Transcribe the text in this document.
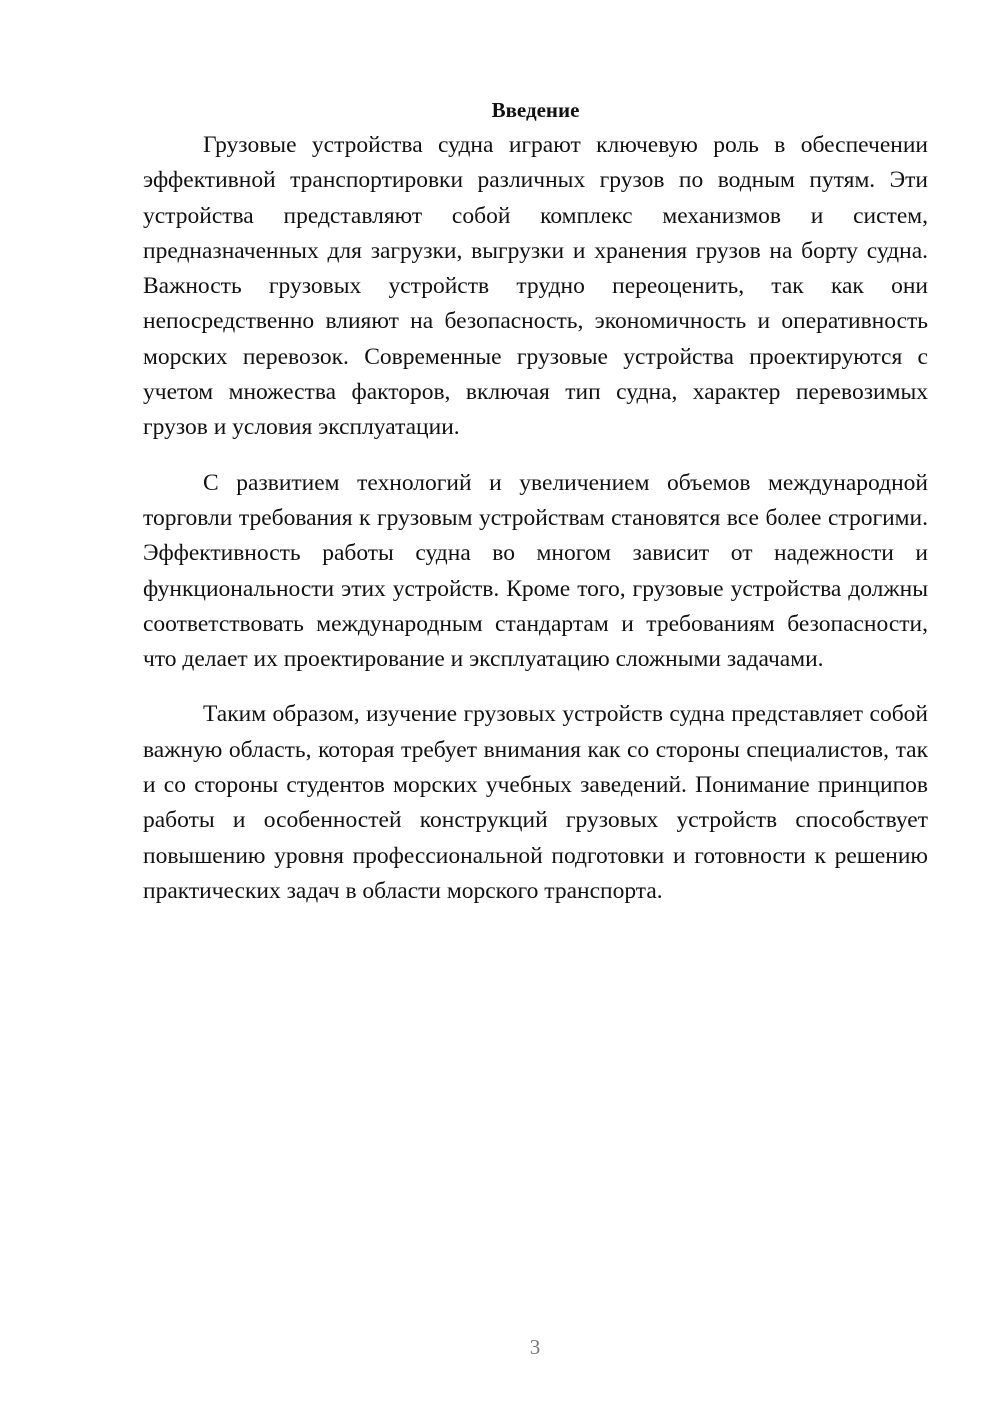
Введение

Грузовые устройства судна играют ключевую роль в обеспечении эффективной транспортировки различных грузов по водным путям. Эти устройства представляют собой комплекс механизмов и систем, предназначенных для загрузки, выгрузки и хранения грузов на борту судна. Важность грузовых устройств трудно переоценить, так как они непосредственно влияют на безопасность, экономичность и оперативность морских перевозок. Современные грузовые устройства проектируются с учетом множества факторов, включая тип судна, характер перевозимых грузов и условия эксплуатации.

С развитием технологий и увеличением объемов международной торговли требования к грузовым устройствам становятся все более строгими. Эффективность работы судна во многом зависит от надежности и функциональности этих устройств. Кроме того, грузовые устройства должны соответствовать международным стандартам и требованиям безопасности, что делает их проектирование и эксплуатацию сложными задачами.

Таким образом, изучение грузовых устройств судна представляет собой важную область, которая требует внимания как со стороны специалистов, так и со стороны студентов морских учебных заведений. Понимание принципов работы и особенностей конструкций грузовых устройств способствует повышению уровня профессиональной подготовки и готовности к решению практических задач в области морского транспорта.

3
